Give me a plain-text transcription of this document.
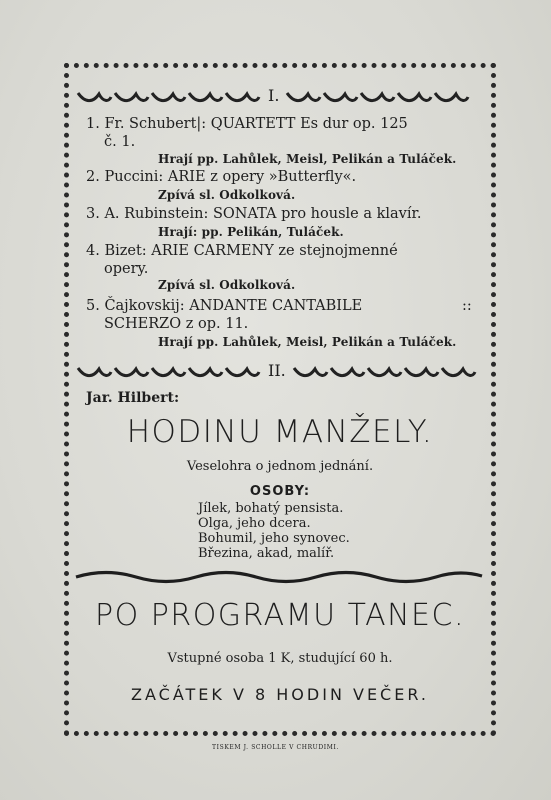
I.
1. Fr. Schubert|: QUARTETT Es dur op. 125
č. 1.
Hrají pp. Lahůlek, Meisl, Pelikán a Tuláček.
2. Puccini: ARIE z opery »Butterfly«.
Zpívá sl. Odkolková.
3. A. Rubinstein: SONATA pro housle a klavír.
Hrají: pp. Pelikán, Tuláček.
4. Bizet: ARIE CARMENY ze stejnojmenné
opery.
Zpívá sl. Odkolková.
5. Čajkovskij: ANDANTE CANTABILE	::
SCHERZO z op. 11.
Hrají pp. Lahůlek, Meisl, Pelikán a Tuláček.
II.
Jar. Hilbert:
HODINU MANŽELY.
Veselohra o jednom jednání.
OSOBY:
Jílek, bohatý pensista.
Olga, jeho dcera.
Bohumil, jeho synovec.
Březina, akad, malíř.
PO PROGRAMU TANEC.
Vstupné osoba 1 K, studující 60 h.
ZAČÁTEK V 8 HODIN VEČER.
TISKEM J. SCHOLLE V CHRUDIMI.
